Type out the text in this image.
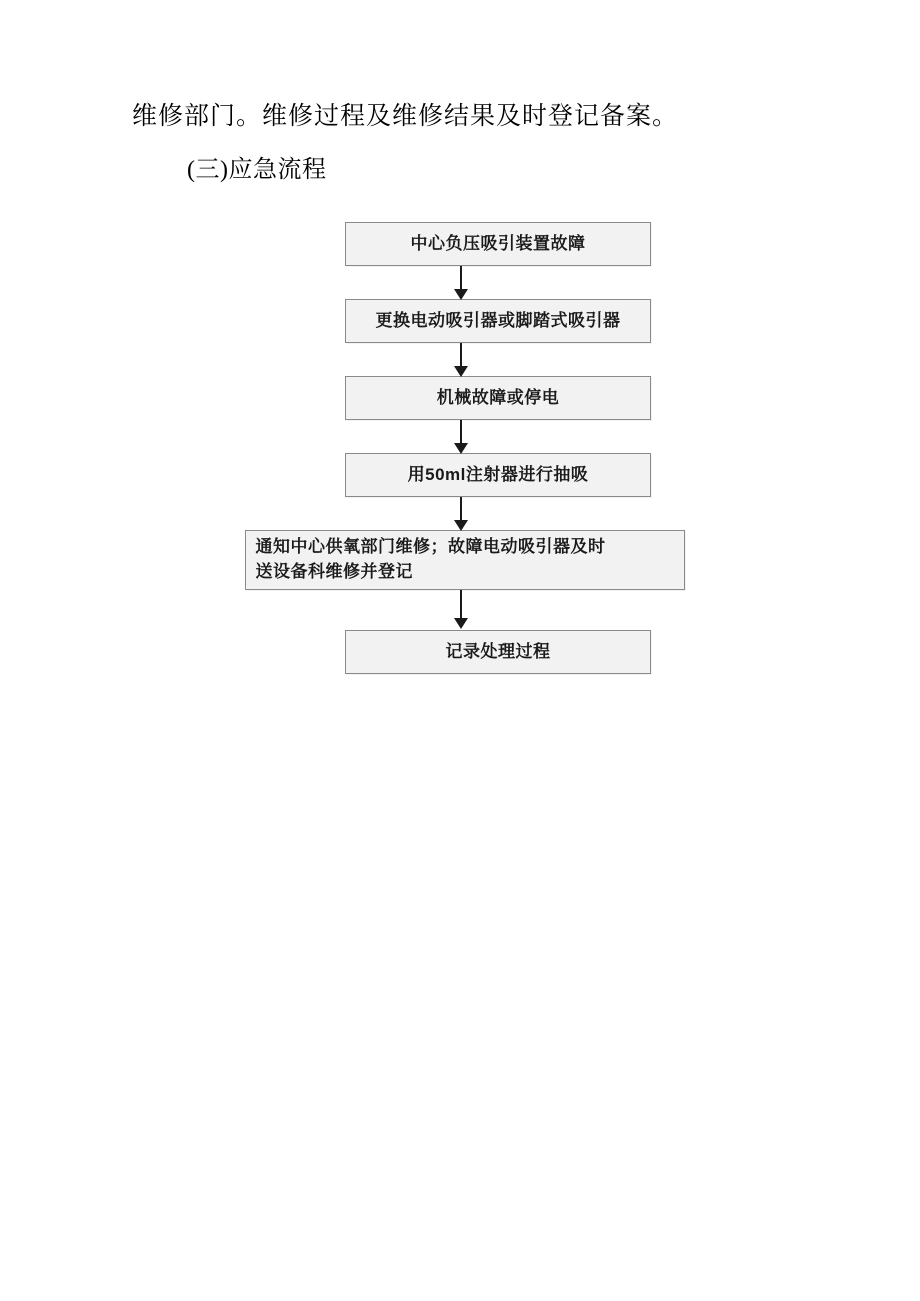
维修部门。维修过程及维修结果及时登记备案。
(三)应急流程
中心负压吸引装置故障
更换电动吸引器或脚踏式吸引器
机械故障或停电
用50ml注射器进行抽吸
通知中心供氧部门维修；故障电动吸引器及时
送设备科维修并登记
记录处理过程
